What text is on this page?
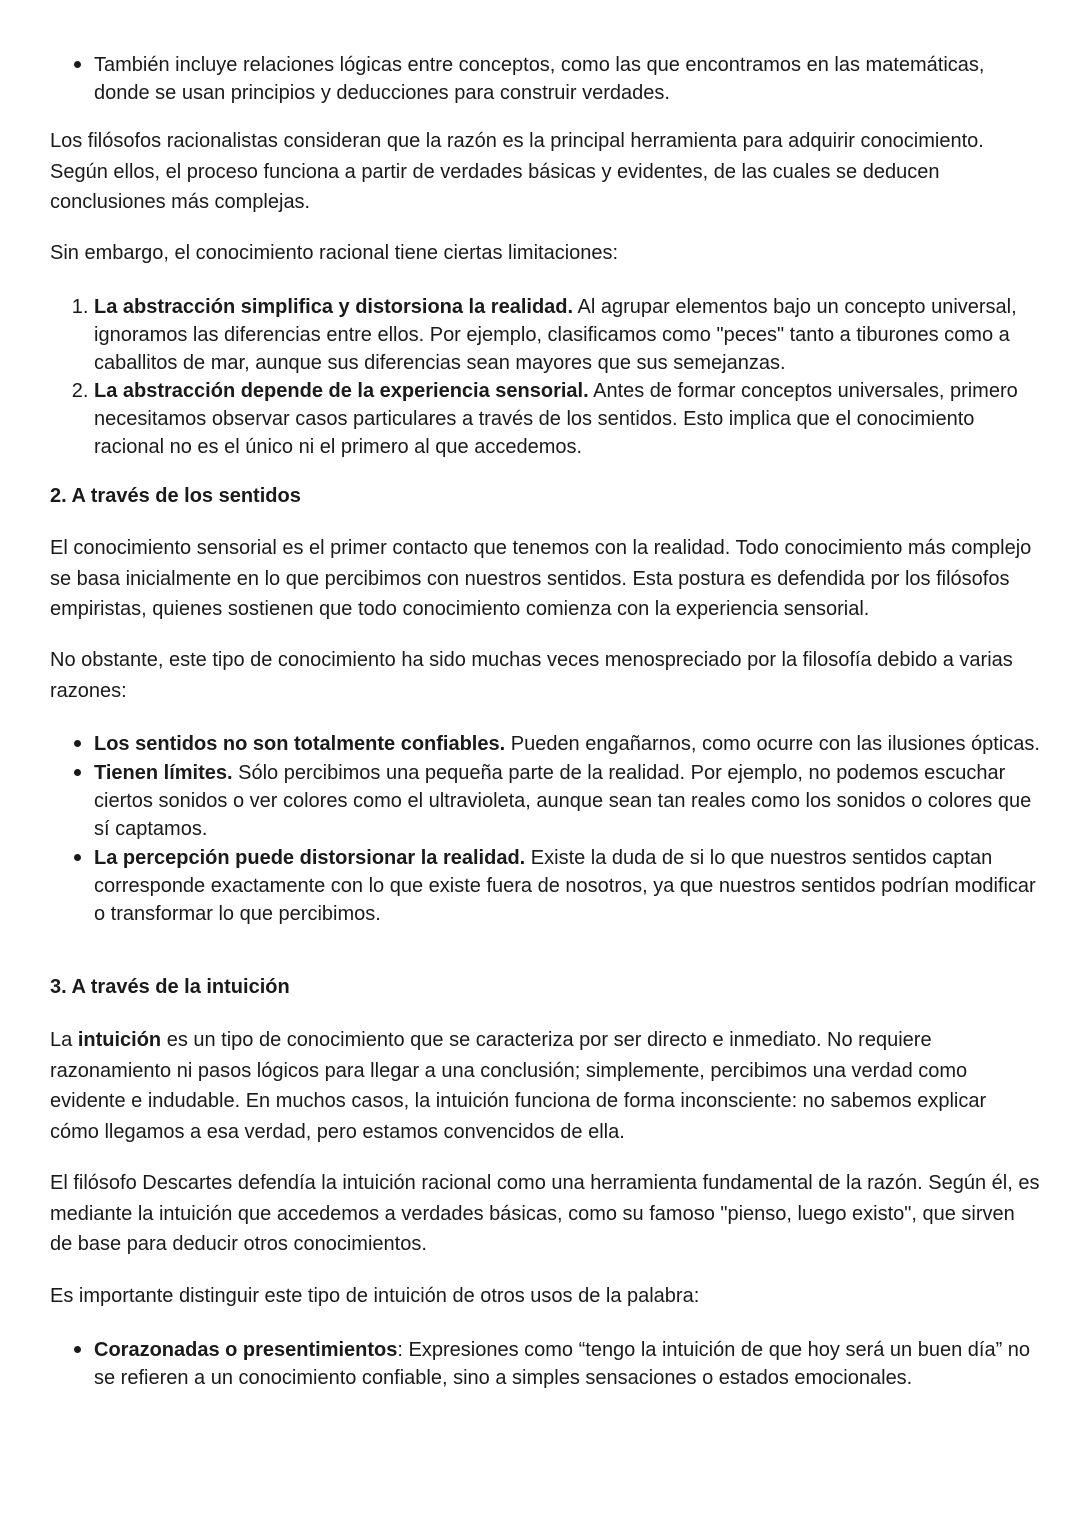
• También incluye relaciones lógicas entre conceptos, como las que encontramos en las matemáticas, donde se usan principios y deducciones para construir verdades.

Los filósofos racionalistas consideran que la razón es la principal herramienta para adquirir conocimiento. Según ellos, el proceso funciona a partir de verdades básicas y evidentes, de las cuales se deducen conclusiones más complejas.

Sin embargo, el conocimiento racional tiene ciertas limitaciones:

1. La abstracción simplifica y distorsiona la realidad. Al agrupar elementos bajo un concepto universal, ignoramos las diferencias entre ellos. Por ejemplo, clasificamos como "peces" tanto a tiburones como a caballitos de mar, aunque sus diferencias sean mayores que sus semejanzas.
2. La abstracción depende de la experiencia sensorial. Antes de formar conceptos universales, primero necesitamos observar casos particulares a través de los sentidos. Esto implica que el conocimiento racional no es el único ni el primero al que accedemos.
2. A través de los sentidos

El conocimiento sensorial es el primer contacto que tenemos con la realidad. Todo conocimiento más complejo se basa inicialmente en lo que percibimos con nuestros sentidos. Esta postura es defendida por los filósofos empiristas, quienes sostienen que todo conocimiento comienza con la experiencia sensorial.

No obstante, este tipo de conocimiento ha sido muchas veces menospreciado por la filosofía debido a varias razones:

• Los sentidos no son totalmente confiables. Pueden engañarnos, como ocurre con las ilusiones ópticas.
• Tienen límites. Sólo percibimos una pequeña parte de la realidad. Por ejemplo, no podemos escuchar ciertos sonidos o ver colores como el ultravioleta, aunque sean tan reales como los sonidos o colores que sí captamos.
• La percepción puede distorsionar la realidad. Existe la duda de si lo que nuestros sentidos captan corresponde exactamente con lo que existe fuera de nosotros, ya que nuestros sentidos podrían modificar o transformar lo que percibimos.
3. A través de la intuición

La intuición es un tipo de conocimiento que se caracteriza por ser directo e inmediato. No requiere razonamiento ni pasos lógicos para llegar a una conclusión; simplemente, percibimos una verdad como evidente e indudable. En muchos casos, la intuición funciona de forma inconsciente: no sabemos explicar cómo llegamos a esa verdad, pero estamos convencidos de ella.

El filósofo Descartes defendía la intuición racional como una herramienta fundamental de la razón. Según él, es mediante la intuición que accedemos a verdades básicas, como su famoso "pienso, luego existo", que sirven de base para deducir otros conocimientos.

Es importante distinguir este tipo de intuición de otros usos de la palabra:

• Corazonadas o presentimientos: Expresiones como “tengo la intuición de que hoy será un buen día” no se refieren a un conocimiento confiable, sino a simples sensaciones o estados emocionales.
